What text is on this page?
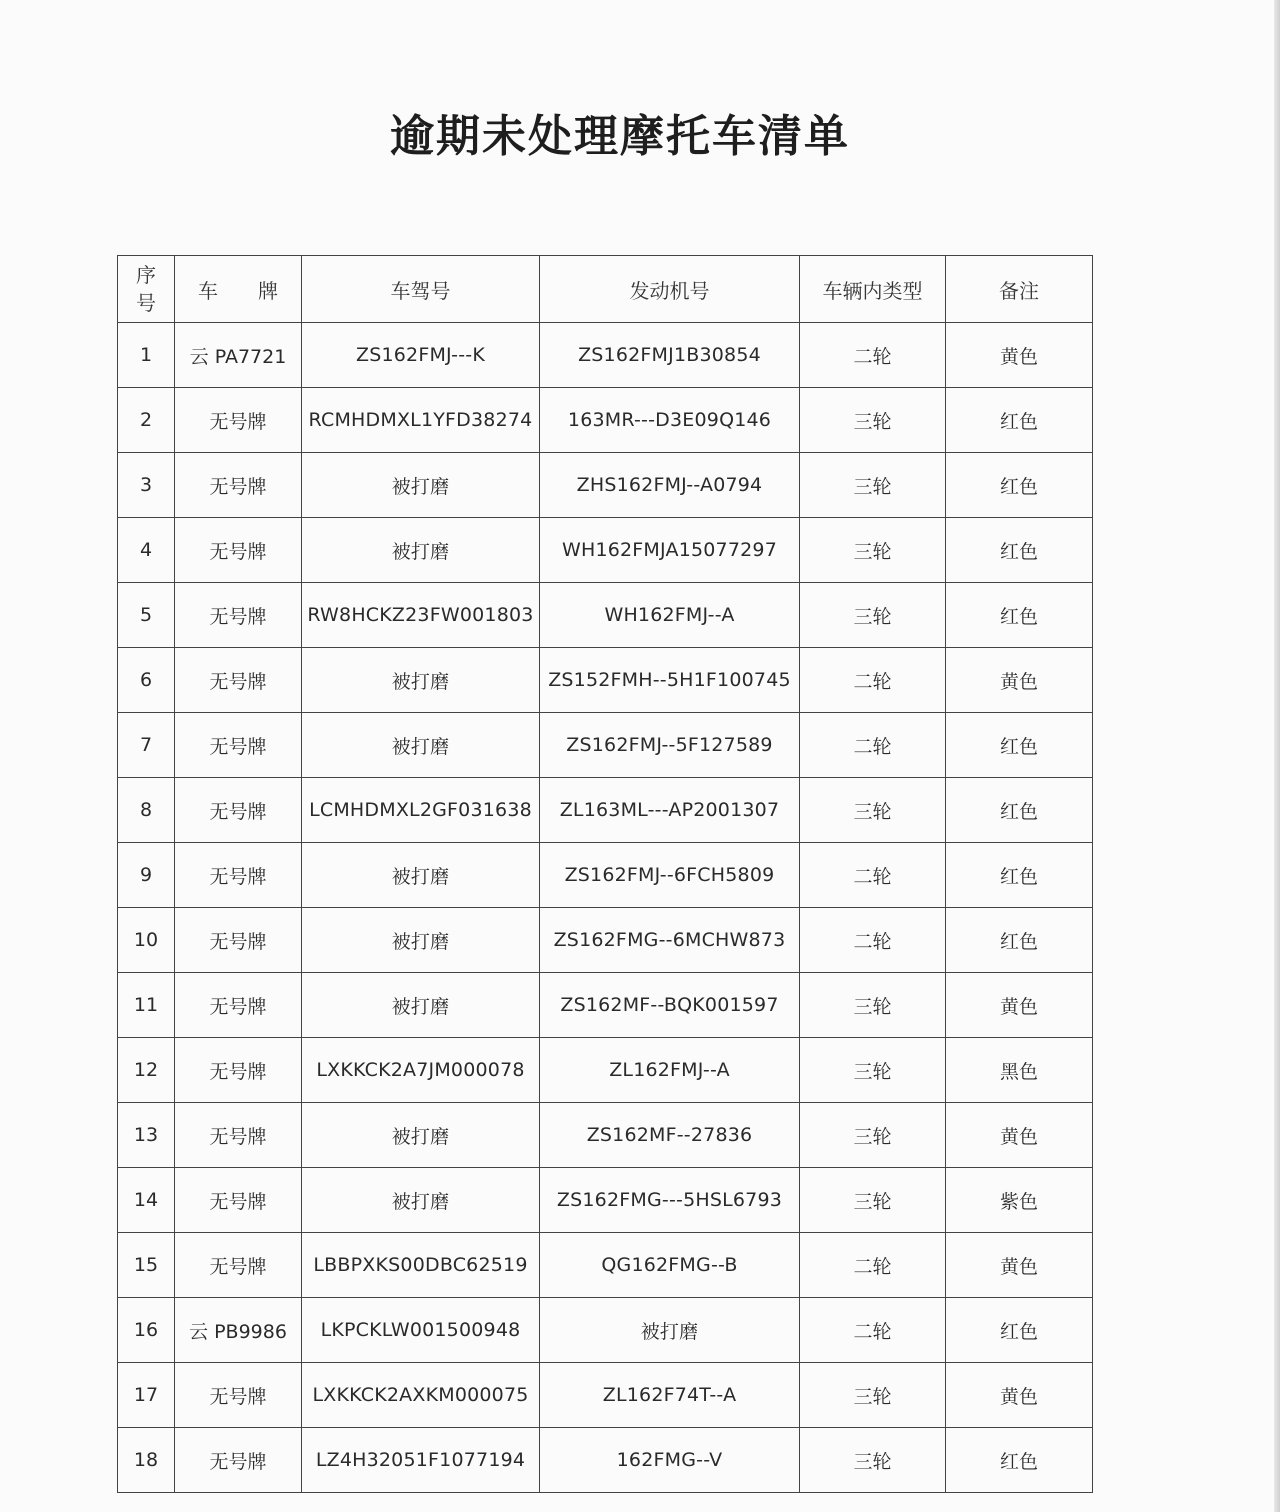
逾期未处理摩托车清单
序
号	车　　牌	车驾号	发动机号	车辆内类型	备注
1	云 PA7721	ZS162FMJ---K	ZS162FMJ1B30854	二轮	黄色
2	无号牌	RCMHDMXL1YFD38274	163MR---D3E09Q146	三轮	红色
3	无号牌	被打磨	ZHS162FMJ--A0794	三轮	红色
4	无号牌	被打磨	WH162FMJA15077297	三轮	红色
5	无号牌	RW8HCKZ23FW001803	WH162FMJ--A	三轮	红色
6	无号牌	被打磨	ZS152FMH--5H1F100745	二轮	黄色
7	无号牌	被打磨	ZS162FMJ--5F127589	二轮	红色
8	无号牌	LCMHDMXL2GF031638	ZL163ML---AP2001307	三轮	红色
9	无号牌	被打磨	ZS162FMJ--6FCH5809	二轮	红色
10	无号牌	被打磨	ZS162FMG--6MCHW873	二轮	红色
11	无号牌	被打磨	ZS162MF--BQK001597	三轮	黄色
12	无号牌	LXKKCK2A7JM000078	ZL162FMJ--A	三轮	黑色
13	无号牌	被打磨	ZS162MF--27836	三轮	黄色
14	无号牌	被打磨	ZS162FMG---5HSL6793	三轮	紫色
15	无号牌	LBBPXKS00DBC62519	QG162FMG--B	二轮	黄色
16	云 PB9986	LKPCKLW001500948	被打磨	二轮	红色
17	无号牌	LXKKCK2AXKM000075	ZL162F74T--A	三轮	黄色
18	无号牌	LZ4H32051F1077194	162FMG--V	三轮	红色
